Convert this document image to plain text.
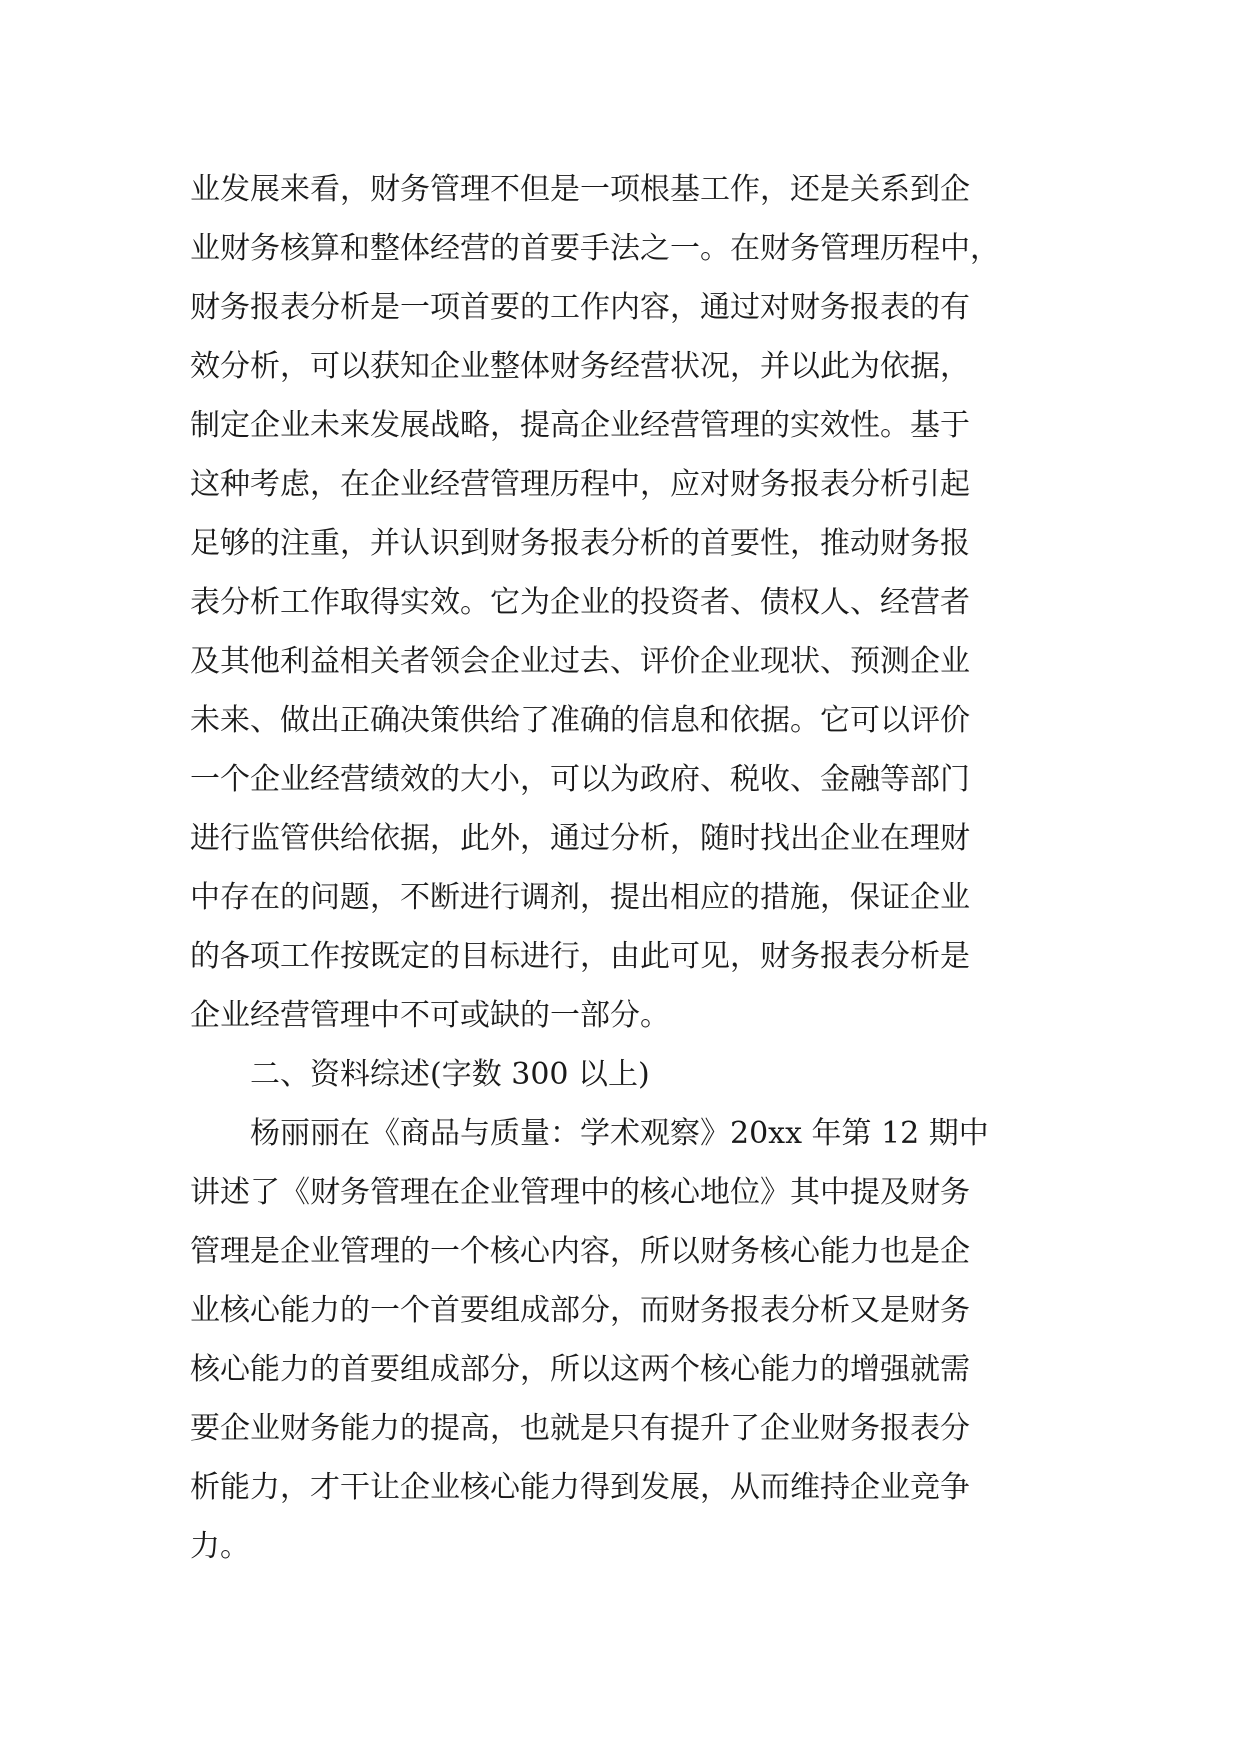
业发展来看，财务管理不但是一项根基工作，还是关系到企
业财务核算和整体经营的首要手法之一。在财务管理历程中，
财务报表分析是一项首要的工作内容，通过对财务报表的有
效分析，可以获知企业整体财务经营状况，并以此为依据，
制定企业未来发展战略，提高企业经营管理的实效性。基于
这种考虑，在企业经营管理历程中，应对财务报表分析引起
足够的注重，并认识到财务报表分析的首要性，推动财务报
表分析工作取得实效。它为企业的投资者、债权人、经营者
及其他利益相关者领会企业过去、评价企业现状、预测企业
未来、做出正确决策供给了准确的信息和依据。它可以评价
一个企业经营绩效的大小，可以为政府、税收、金融等部门
进行监管供给依据，此外，通过分析，随时找出企业在理财
中存在的问题，不断进行调剂，提出相应的措施，保证企业
的各项工作按既定的目标进行，由此可见，财务报表分析是
企业经营管理中不可或缺的一部分。
二、资料综述(字数 300 以上)
杨丽丽在《商品与质量：学术观察》20xx 年第 12 期中
讲述了《财务管理在企业管理中的核心地位》其中提及财务
管理是企业管理的一个核心内容，所以财务核心能力也是企
业核心能力的一个首要组成部分，而财务报表分析又是财务
核心能力的首要组成部分，所以这两个核心能力的增强就需
要企业财务能力的提高，也就是只有提升了企业财务报表分
析能力，才干让企业核心能力得到发展，从而维持企业竞争
力。
